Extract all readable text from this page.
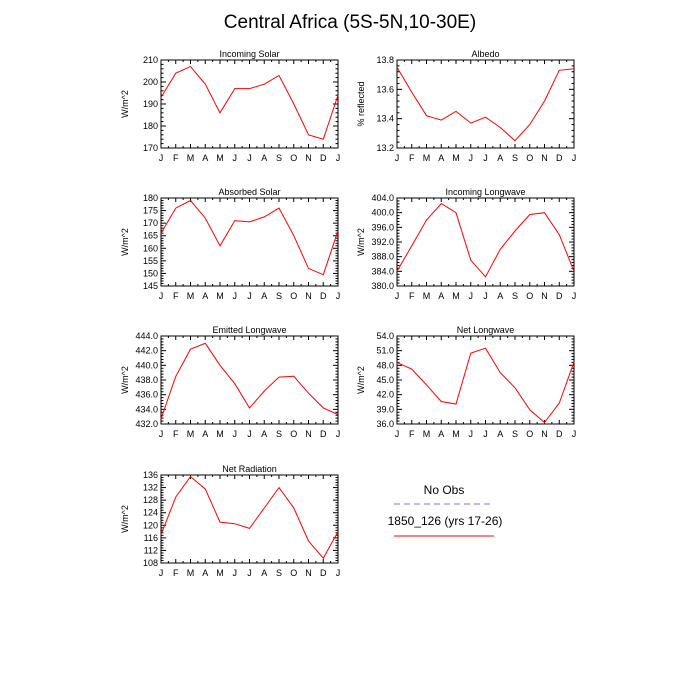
Central Africa (5S-5N,10-30E)
J F M A M J J A S O N D J
170
180
190
200
210
Incoming Solar
W/m^2
J F M A M J J A S O N D J
13.2
13.4
13.6
13.8
Albedo
% reflected
J F M A M J J A S O N D J
145
150
155
160
165
170
175
180
Absorbed Solar
W/m^2
J F M A M J J A S O N D J
380.0
384.0
388.0
392.0
396.0
400.0
404.0
Incoming Longwave
W/m^2
J F M A M J J A S O N D J
432.0
434.0
436.0
438.0
440.0
442.0
444.0
Emitted Longwave
W/m^2
J F M A M J J A S O N D J
36.0
39.0
42.0
45.0
48.0
51.0
54.0
Net Longwave
W/m^2
J F M A M J J A S O N D J
108
112
116
120
124
128
132
136
Net Radiation
W/m^2
No Obs
1850_126 (yrs 17-26)
